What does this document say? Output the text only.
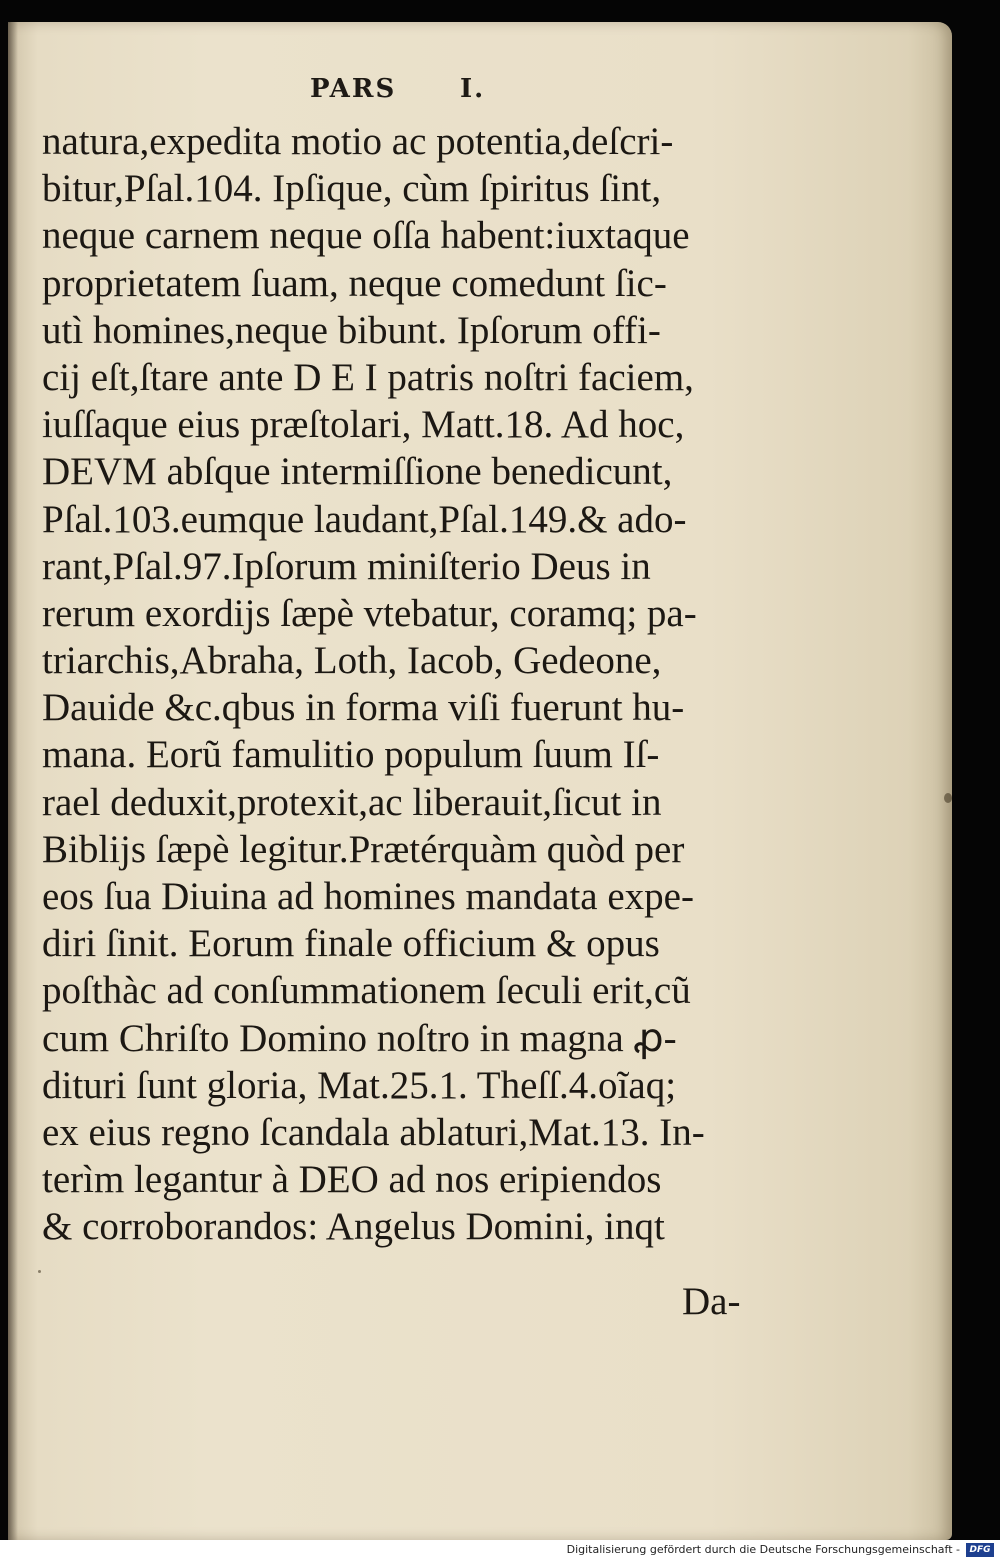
PARS I.
natura,expedita motio ac potentia,deſcri-
bitur,Pſal.104. Ipſique, cùm ſpiritus ſint,
neque carnem neque oſſa habent:iuxtaque
proprietatem ſuam, neque comedunt ſic-
utì homines,neque bibunt. Ipſorum offi-
cij eſt,ſtare ante D E I patris noſtri faciem,
iuſſaque eius præſtolari, Matt.18. Ad hoc,
DEVM abſque intermiſſione benedicunt,
Pſal.103.eumque laudant,Pſal.149.& ado-
rant,Pſal.97.Ipſorum miniſterio Deus in
rerum exordijs ſæpè vtebatur, coramq; pa-
triarchis,Abraha, Loth, Iacob, Gedeone,
Dauide &c.qbus in forma viſi fuerunt hu-
mana. Eorũ famulitio populum ſuum Iſ-
rael deduxit,protexit,ac liberauit,ſicut in
Biblijs ſæpè legitur.Prætérquàm quòd per
eos ſua Diuina ad homines mandata expe-
diri ſinit. Eorum finale officium & opus
poſthàc ad conſummationem ſeculi erit,cũ
cum Chriſto Domino noſtro in magna ꝓ-
dituri ſunt gloria, Mat.25.1. Theſſ.4.oĩaq;
ex eius regno ſcandala ablaturi,Mat.13. In-
terìm legantur à DEO ad nos eripiendos
& corroborandos: Angelus Domini, inqt
Da-
Digitalisierung gefördert durch die Deutsche Forschungsgemeinschaft -	DFG
